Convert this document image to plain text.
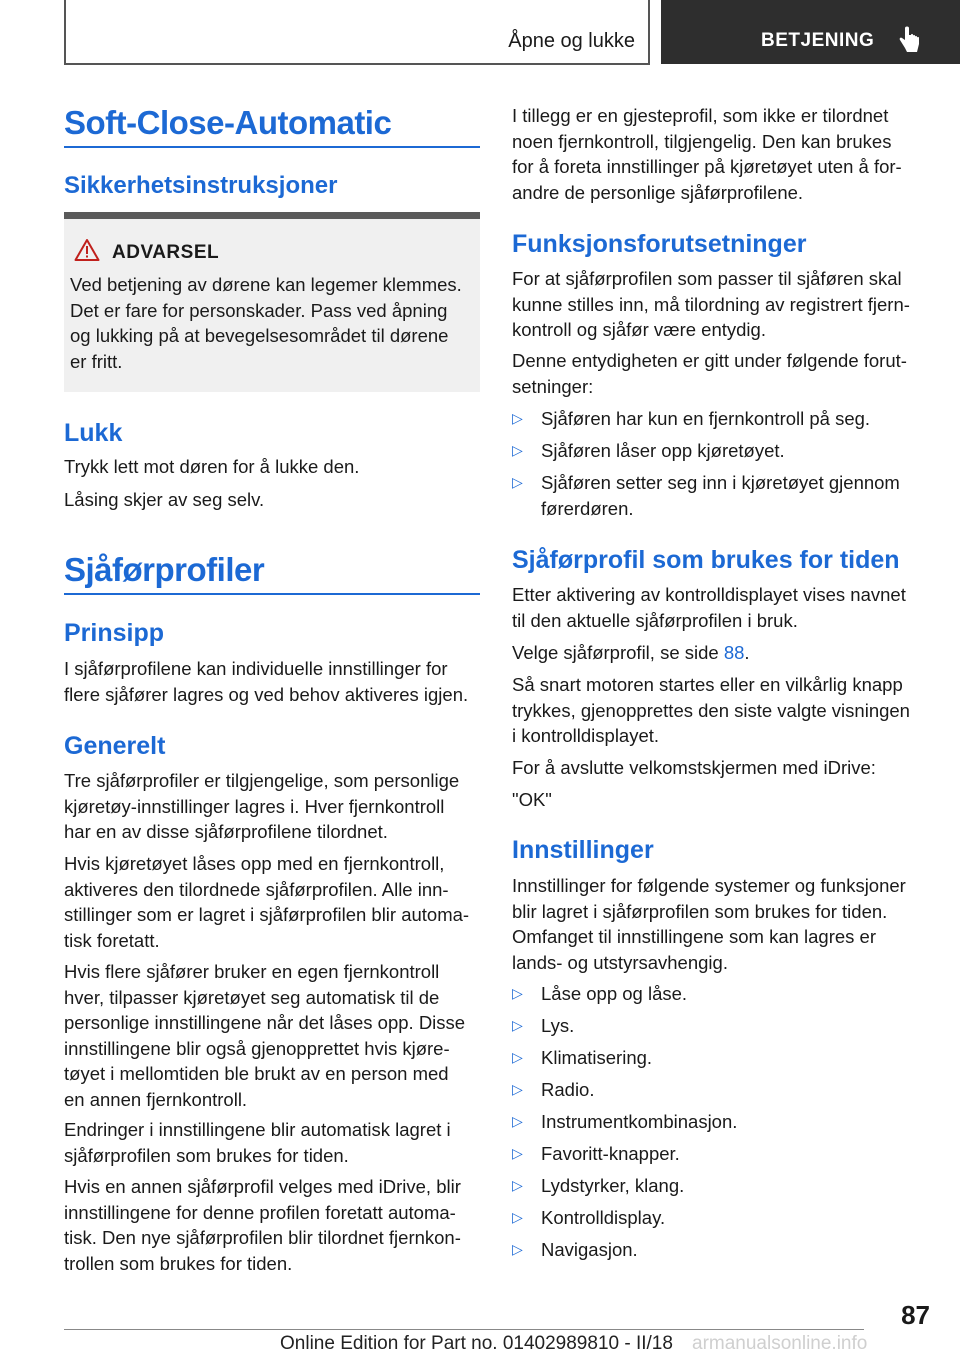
Åpne og lukke	BETJENING
Soft-Close-Automatic
Sikkerhetsinstruksjoner
ADVARSEL
Ved betjening av dørene kan legemer klemmes.
Det er fare for personskader. Pass ved åpning
og lukking på at bevegelsesområdet til dørene
er fritt.
Lukk
Trykk lett mot døren for å lukke den.
Låsing skjer av seg selv.
Sjåførprofiler
Prinsipp
I sjåførprofilene kan individuelle innstillinger for
flere sjåfører lagres og ved behov aktiveres igjen.
Generelt
Tre sjåførprofiler er tilgjengelige, som personlige
kjøretøy-innstillinger lagres i. Hver fjernkontroll
har en av disse sjåførprofilene tilordnet.
Hvis kjøretøyet låses opp med en fjernkontroll,
aktiveres den tilordnede sjåførprofilen. Alle inn-
stillinger som er lagret i sjåførprofilen blir automa-
tisk foretatt.
Hvis flere sjåfører bruker en egen fjernkontroll
hver, tilpasser kjøretøyet seg automatisk til de
personlige innstillingene når det låses opp. Disse
innstillingene blir også gjenopprettet hvis kjøre-
tøyet i mellomtiden ble brukt av en person med
en annen fjernkontroll.
Endringer i innstillingene blir automatisk lagret i
sjåførprofilen som brukes for tiden.
Hvis en annen sjåførprofil velges med iDrive, blir
innstillingene for denne profilen foretatt automa-
tisk. Den nye sjåførprofilen blir tilordnet fjernkon-
trollen som brukes for tiden.
I tillegg er en gjesteprofil, som ikke er tilordnet
noen fjernkontroll, tilgjengelig. Den kan brukes
for å foreta innstillinger på kjøretøyet uten å for-
andre de personlige sjåførprofilene.
Funksjonsforutsetninger
For at sjåførprofilen som passer til sjåføren skal
kunne stilles inn, må tilordning av registrert fjern-
kontroll og sjåfør være entydig.
Denne entydigheten er gitt under følgende forut-
setninger:
▷ Sjåføren har kun en fjernkontroll på seg.
▷ Sjåføren låser opp kjøretøyet.
▷ Sjåføren setter seg inn i kjøretøyet gjennom
førerdøren.
Sjåførprofil som brukes for tiden
Etter aktivering av kontrolldisplayet vises navnet
til den aktuelle sjåførprofilen i bruk.
Velge sjåførprofil, se side 88.
Så snart motoren startes eller en vilkårlig knapp
trykkes, gjenopprettes den siste valgte visningen
i kontrolldisplayet.
For å avslutte velkomstskjermen med iDrive:
"OK"
Innstillinger
Innstillinger for følgende systemer og funksjoner
blir lagret i sjåførprofilen som brukes for tiden.
Omfanget til innstillingene som kan lagres er
lands- og utstyrsavhengig.
▷ Låse opp og låse.
▷ Lys.
▷ Klimatisering.
▷ Radio.
▷ Instrumentkombinasjon.
▷ Favoritt-knapper.
▷ Lydstyrker, klang.
▷ Kontrolldisplay.
▷ Navigasjon.
87
Online Edition for Part no. 01402989810 - II/18 armanualsonline.info
